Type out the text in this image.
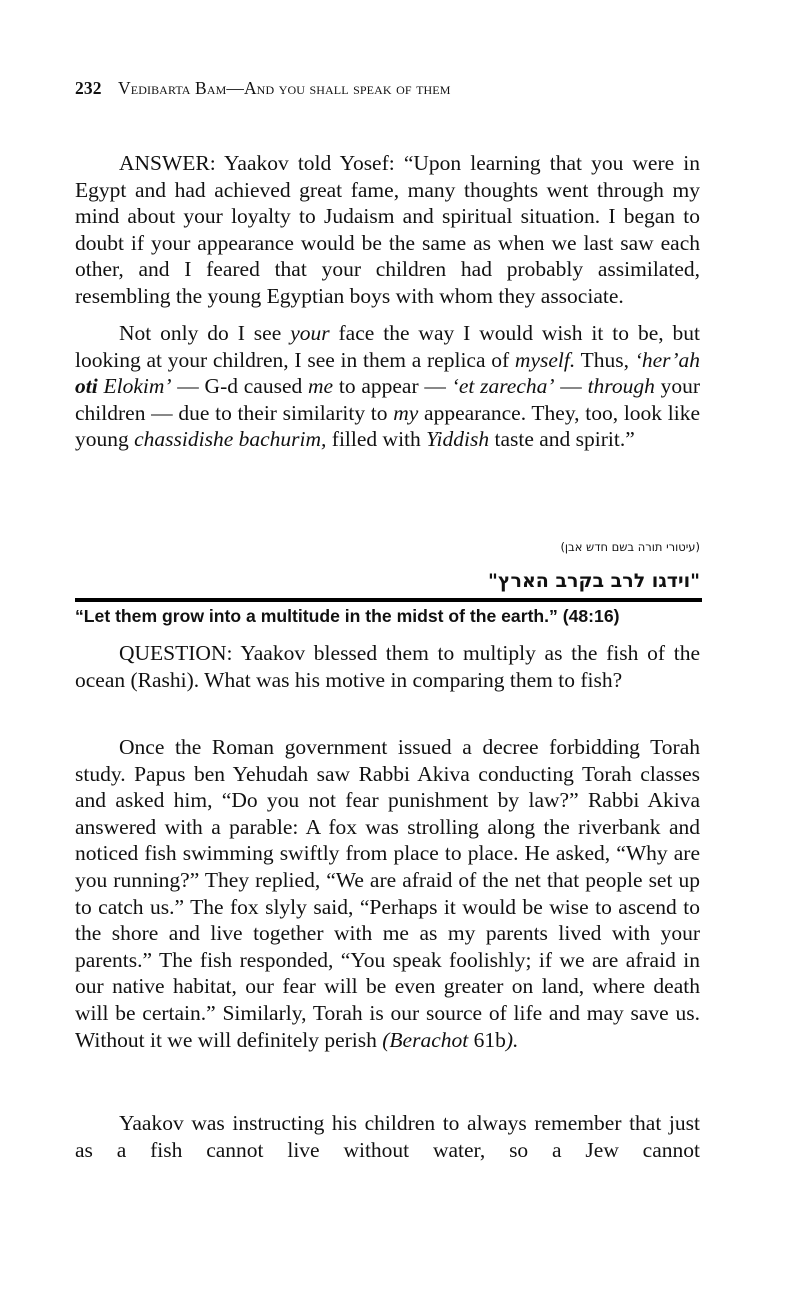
232 Vedibarta Bam—And you shall speak of them

ANSWER: Yaakov told Yosef: “Upon learning that you were in Egypt and had achieved great fame, many thoughts went through my mind about your loyalty to Judaism and spiritual situation. I began to doubt if your appearance would be the same as when we last saw each other, and I feared that your children had probably assimilated, resembling the young Egyptian boys with whom they associate.

Not only do I see your face the way I would wish it to be, but looking at your children, I see in them a replica of myself. Thus, ‘her’ah oti Elokim’ — G-d caused me to appear — ‘et zarecha’ — through your children — due to their similarity to my appearance. They, too, look like young chassidishe bachurim, filled with Yiddish taste and spirit.”

(עיטורי תורה בשם חדש אבן)
"וידגו לרב בקרב הארץ"
“Let them grow into a multitude in the midst of the earth.” (48:16)

QUESTION: Yaakov blessed them to multiply as the fish of the ocean (Rashi). What was his motive in comparing them to fish?

Once the Roman government issued a decree forbidding Torah study. Papus ben Yehudah saw Rabbi Akiva conducting Torah classes and asked him, “Do you not fear punishment by law?” Rabbi Akiva answered with a parable: A fox was strolling along the riverbank and noticed fish swimming swiftly from place to place. He asked, “Why are you running?” They replied, “We are afraid of the net that people set up to catch us.” The fox slyly said, “Perhaps it would be wise to ascend to the shore and live together with me as my parents lived with your parents.” The fish responded, “You speak foolishly; if we are afraid in our native habitat, our fear will be even greater on land, where death will be certain.” Similarly, Torah is our source of life and may save us. Without it we will definitely perish (Berachot 61b).

Yaakov was instructing his children to always remember that just as a fish cannot live without water, so a Jew cannot
